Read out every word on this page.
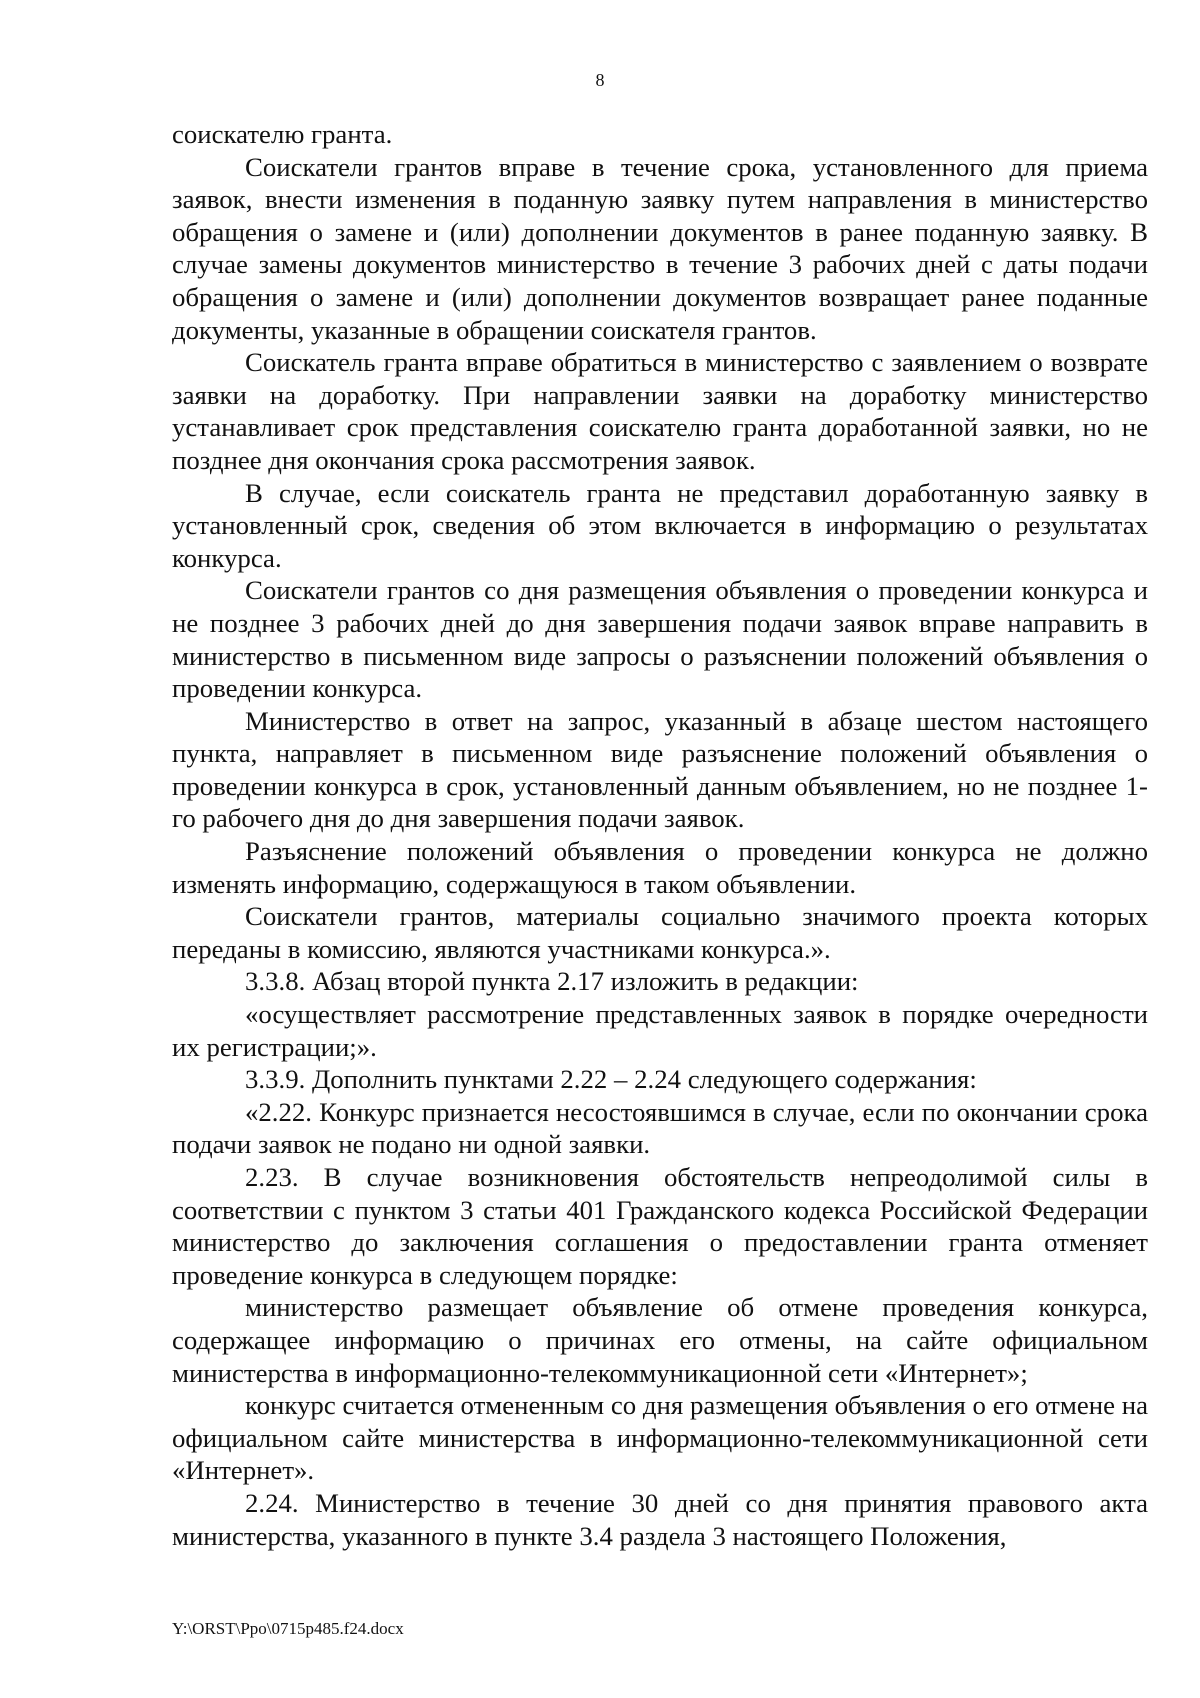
8

соискателю гранта.

Соискатели грантов вправе в течение срока, установленного для приема заявок, внести изменения в поданную заявку путем направления в министерство обращения о замене и (или) дополнении документов в ранее поданную заявку. В случае замены документов министерство в течение 3 рабочих дней с даты подачи обращения о замене и (или) дополнении документов возвращает ранее поданные документы, указанные в обращении соискателя грантов.

Соискатель гранта вправе обратиться в министерство с заявлением о возврате заявки на доработку. При направлении заявки на доработку министерство устанавливает срок представления соискателю гранта доработанной заявки, но не позднее дня окончания срока рассмотрения заявок.

В случае, если соискатель гранта не представил доработанную заявку в установленный срок, сведения об этом включается в информацию о результатах конкурса.

Соискатели грантов со дня размещения объявления о проведении конкурса и не позднее 3 рабочих дней до дня завершения подачи заявок вправе направить в министерство в письменном виде запросы о разъяснении положений объявления о проведении конкурса.

Министерство в ответ на запрос, указанный в абзаце шестом настоящего пункта, направляет в письменном виде разъяснение положений объявления о проведении конкурса в срок, установленный данным объявлением, но не позднее 1-го рабочего дня до дня завершения подачи заявок.

Разъяснение положений объявления о проведении конкурса не должно изменять информацию, содержащуюся в таком объявлении.

Соискатели грантов, материалы социально значимого проекта которых переданы в комиссию, являются участниками конкурса.».

3.3.8. Абзац второй пункта 2.17 изложить в редакции:

«осуществляет рассмотрение представленных заявок в порядке очередности их регистрации;».

3.3.9. Дополнить пунктами 2.22 – 2.24 следующего содержания:

«2.22. Конкурс признается несостоявшимся в случае, если по окончании срока подачи заявок не подано ни одной заявки.

2.23. В случае возникновения обстоятельств непреодолимой силы в соответствии с пунктом 3 статьи 401 Гражданского кодекса Российской Федерации министерство до заключения соглашения о предоставлении гранта отменяет проведение конкурса в следующем порядке:

министерство размещает объявление об отмене проведения конкурса, содержащее информацию о причинах его отмены, на сайте официальном министерства в информационно-телекоммуникационной сети «Интернет»;

конкурс считается отмененным со дня размещения объявления о его отмене на официальном сайте министерства в информационно-телекоммуникационной сети «Интернет».

2.24. Министерство в течение 30 дней со дня принятия правового акта министерства, указанного в пункте 3.4 раздела 3 настоящего Положения,

Y:\ORST\Ppo\0715p485.f24.docx
